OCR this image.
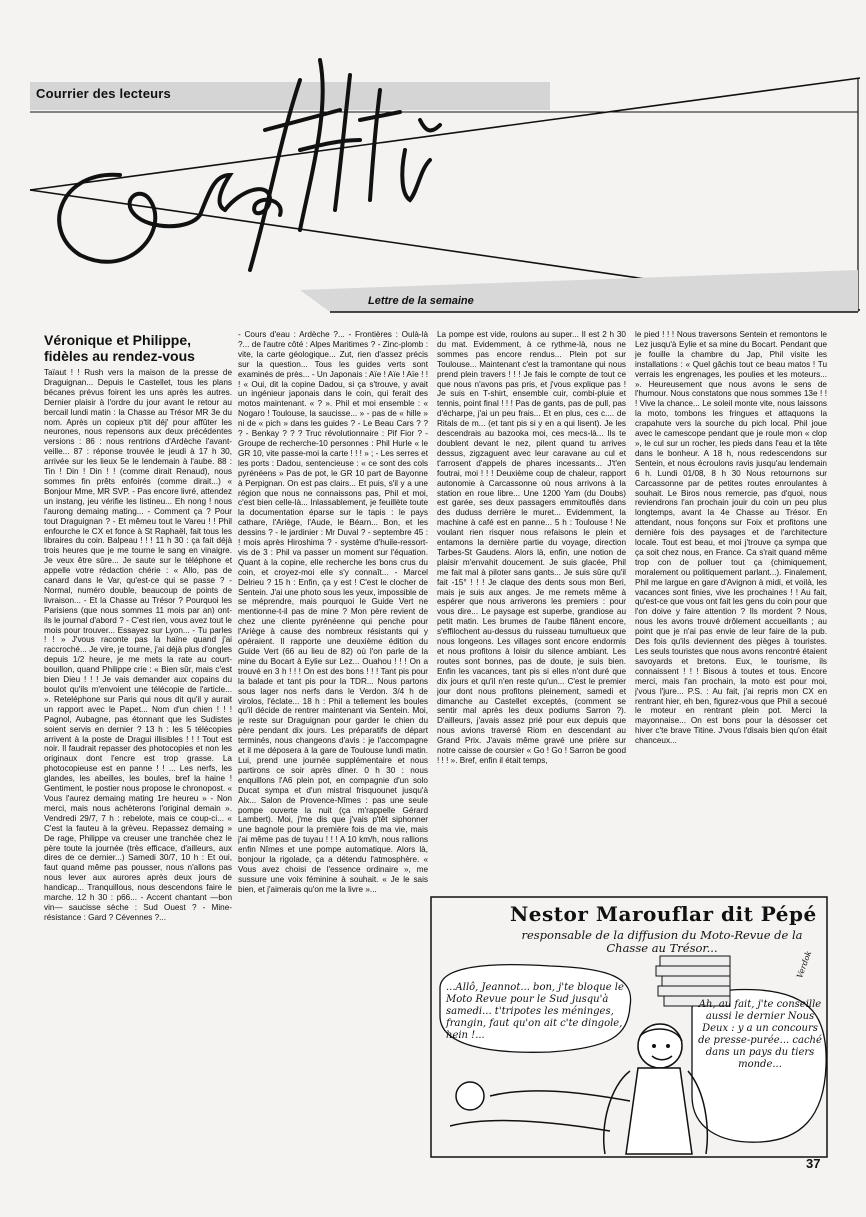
Courrier des lecteurs
Lettre de la semaine
Véronique et Philippe, fidèles au rendez-vous

Taïaut ! ! Rush vers la maison de la presse de Draguignan... Depuis le Castellet, tous les plans bécanes prévus foirent les uns après les autres. Dernier plaisir à l'ordre du jour avant le retour au bercail lundi matin : la Chasse au Trésor MR 3e du nom. Après un copieux p'tit déj' pour affûter les neurones, nous repensons aux deux précédentes versions : 86 : nous rentrions d'Ardèche l'avant-veille... 87 : réponse trouvée le jeudi à 17 h 30, arrivée sur les lieux 5e le lendemain à l'aube. 88 : Tin ! Din ! Din ! ! (comme dirait Renaud), nous sommes fin prêts enfoirés (comme dirait...) « Bonjour Mme, MR SVP. - Pas encore livré, attendez un instang, jeu vérifie les listineu... Eh nong ! nous l'aurong demaing mating... - Comment ça ? Pour tout Draguignan ? - Et mêmeu tout le Vareu ! ! Phil enfourche le CX et fonce à St Raphaël, fait tous les libraires du coin. Balpeau ! ! ! 11 h 30 : ça fait déjà trois heures que je me tourne le sang en vinaigre. Je veux être sûre... Je saute sur le téléphone et appelle votre rédaction chérie : « Allo, pas de canard dans le Var, qu'est-ce qui se passe ? - Normal, numéro double, beaucoup de points de livraison... - Et la Chasse au Trésor ? Pourquoi les Parisiens (que nous sommes 11 mois par an) ont-ils le journal d'abord ? - C'est rien, vous avez tout le mois pour trouver... Essayez sur Lyon... - Tu parles ! ! » J'vous raconte pas la haïne quand j'ai raccroché... Je vire, je tourne, j'ai déjà plus d'ongles depuis 1/2 heure, je me mets la rate au court-bouillon, quand Philippe crie : « Bien sûr, mais c'est bien Dieu ! ! ! Je vais demander aux copains du boulot qu'ils m'envoient une télécopie de l'article... ». Reteléphone sur Paris qui nous dit qu'il y aurait un rapport avec le Papet... Nom d'un chien ! ! ! Pagnol, Aubagne, pas étonnant que les Sudistes soient servis en dernier ? 13 h : les 5 télécopies arrivent à la poste de Dragui illisibles ! ! ! Tout est noir. Il faudrait repasser des photocopies et non les originaux dont l'encre est trop grasse. La photocopieuse est en panne ! ! ... Les nerfs, les glandes, les abeilles, les boules, bref la haine ! Gentiment, le postier nous propose le chronopost. « Vous l'aurez demaing mating 1re heureu » - Non merci, mais nous achèterons l'original demain ». Vendredi 29/7, 7 h : rebelote, mais ce coup-ci... « C'est la fauteu à la grèveu. Repassez demaing » De rage, Philippe va creuser une tranchée chez le père toute la journée (très efficace, d'ailleurs, aux dires de ce dernier...) Samedi 30/7, 10 h : Et oui, faut quand même pas pousser, nous n'allons pas nous lever aux aurores après deux jours de handicap... Tranquillous, nous descendons faire le marche. 12 h 30 : p66... - Accent chantant —bon vin— saucisse sèche : Sud Ouest ? - Mine-résistance : Gard ? Cévennes ?...

- Cours d'eau : Ardèche ?... - Frontières : Oulà-là ?... de l'autre côté : Alpes Maritimes ? - Zinc-plomb : vite, la carte géologique... Zut, rien d'assez précis sur la question... Tous les guides verts sont examinés de près... - Un Japonais : Aïe ! Aïe ! Aïe ! ! ! « Oui, dit la copine Dadou, si ça s'trouve, y avait un ingénieur japonais dans le coin, qui ferait des motos maintenant. « ? ». Phil et moi ensemble : « Nogaro ! Toulouse, la saucisse... » - pas de « hille » ni de « pich » dans les guides ? - Le Beau Cars ? ? ? - Benkay ? ? ? Truc révolutionnaire : Pif Fior ? - Groupe de recherche-10 personnes : Phil Hurle « le GR 10, vite passe-moi la carte ! ! ! » ; - Les serres et les ports : Dadou, sentencieuse : « ce sont des cols pyrénéens » Pas de pot, le GR 10 part de Bayonne à Perpignan. On est pas clairs... Et puis, s'il y a une région que nous ne connaissons pas, Phil et moi, c'est bien celle-là... Inlassablement, je feuillète toute la documentation éparse sur le tapis : le pays cathare, l'Ariège, l'Aude, le Béarn... Bon, et les dessins ? - le jardinier : Mr Duval ? - septembre 45 : ! mois après Hiroshima ? - système d'huile-ressort-vis de 3 : Phil va passer un moment sur l'équation. Quant à la copine, elle recherche les bons crus du coin, et croyez-moi elle s'y connaît... - Marcel Delrieu ? 15 h : Enfin, ça y est ! C'est le clocher de Sentein. J'ai une photo sous les yeux, impossible de se méprendre, mais pourquoi le Guide Vert ne mentionne-t-il pas de mine ? Mon père revient de chez une cliente pyrénéenne qui penche pour l'Ariège à cause des nombreux résistants qui y opéraient. Il rapporte une deuxième édition du Guide Vert (66 au lieu de 82) où l'on parle de la mine du Bocart à Eylie sur Lez... Ouahou ! ! ! On a trouvé en 3 h ! ! ! On est des bons ! ! ! Tant pis pour la balade et tant pis pour la TDR... Nous partons sous lager nos nerfs dans le Verdon. 3/4 h de virolos, l'éclate... 18 h : Phil a tellement les boules qu'il décide de rentrer maintenant via Sentein. Moi, je reste sur Draguignan pour garder le chien du père pendant dix jours. Les préparatifs de départ terminés, nous changeons d'avis : je l'accompagne et il me déposera à la gare de Toulouse lundi matin. Lui, prend une journée supplémentaire et nous partirons ce soir après dîner. 0 h 30 : nous enquillons l'A6 plein pot, en compagnie d'un solo Ducat sympa et d'un mistral frisquounet jusqu'à Aix... Salon de Provence-Nîmes : pas une seule pompe ouverte la nuit (ça m'rappelle Gérard Lambert). Moi, j'me dis que j'vais p'têt siphonner une bagnole pour la première fois de ma vie, mais j'ai même pas de tuyau ! ! ! A 10 km/h, nous rallions enfin Nîmes et une pompe automatique. Alors là, bonjour la rigolade, ça a détendu l'atmosphère. « Vous avez choisi de l'essence ordinaire », me sussure une voix féminine à souhait. « Je le sais bien, et j'aimerais qu'on me la livre »...

La pompe est vide, roulons au super... Il est 2 h 30 du mat. Evidemment, à ce rythme-là, nous ne sommes pas encore rendus... Plein pot sur Toulouse... Maintenant c'est la tramontane qui nous prend plein travers ! ! ! Je fais le compte de tout ce que nous n'avons pas pris, et j'vous explique pas ! Je suis en T-shirt, ensemble cuir, combi-pluie et tennis, point final ! ! ! Pas de gants, pas de pull, pas d'écharpe, j'ai un peu frais... Et en plus, ces c.... de Ritals de m... (et tant pis si y en a qui lisent). Je les descendrais au bazooka moi, ces mecs-là... Ils te doublent devant le nez, pilent quand tu arrives dessus, zigzaguent avec leur caravane au cul et t'arrosent d'appels de phares incessants... J't'en foutrai, moi ! ! ! Deuxième coup de chaleur, rapport autonomie à Carcassonne où nous arrivons à la station en roue libre... Une 1200 Yam (du Doubs) est garée, ses deux passagers emmitouflés dans des duduss derrière le muret... Evidemment, la machine à café est en panne... 5 h : Toulouse ! Ne voulant rien risquer nous refaisons le plein et entamons la dernière partie du voyage, direction Tarbes-St Gaudens. Alors là, enfin, une notion de plaisir m'envahit doucement. Je suis glacée, Phil me fait mal à piloter sans gants... Je suis sûre qu'il fait -15° ! ! ! Je claque des dents sous mon Beri, mais je suis aux anges. Je me remets même à espérer que nous arriverons les premiers : pour vous dire... Le paysage est superbe, grandiose au petit matin. Les brumes de l'aube flânent encore, s'effilochent au-dessus du ruisseau tumultueux que nous longeons. Les villages sont encore endormis et nous profitons à loisir du silence ambiant. Les routes sont bonnes, pas de doute, je suis bien. Enfin les vacances, tant pis si elles n'ont duré que dix jours et qu'il n'en reste qu'un... C'est le premier jour dont nous profitons pleinement, samedi et dimanche au Castellet exceptés, (comment se sentir mal après les deux podiums Sarron ?). D'ailleurs, j'avais assez prié pour eux depuis que nous avions traversé Riom en descendant au Grand Prix. J'avais même gravé une prière sur notre caisse de coursier « Go ! Go ! Sarron be good ! ! ! ». Bref, enfin il était temps,

le pied ! ! ! Nous traversons Sentein et remontons le Lez jusqu'à Eylie et sa mine du Bocart. Pendant que je fouille la chambre du Jap, Phil visite les installations : « Quel gâchis tout ce beau matos ! Tu verrais les engrenages, les poulies et les moteurs... ». Heureusement que nous avons le sens de l'humour. Nous constatons que nous sommes 13e ! ! ! Vive la chance... Le soleil monte vite, nous laissons la moto, tombons les fringues et attaquons la crapahute vers la sourche du pich local. Phil joue avec le camescope pendant que je roule mon « clop », le cul sur un rocher, les pieds dans l'eau et la tête dans le bonheur. A 18 h, nous redescendons sur Sentein, et nous écroulons ravis jusqu'au lendemain 6 h. Lundi 01/08, 8 h 30 Nous retournons sur Carcassonne par de petites routes enroulantes à souhait. Le Biros nous remercie, pas d'quoi, nous reviendrons l'an prochain jouir du coin un peu plus longtemps, avant la 4e Chasse au Trésor. En attendant, nous fonçons sur Foix et profitons une dernière fois des paysages et de l'architecture locale. Tout est beau, et moi j'trouve ça sympa que ça soit chez nous, en France. Ca s'rait quand même trop con de polluer tout ça (chimiquement, moralement ou politiquement parlant...). Finalement, Phil me largue en gare d'Avignon à midi, et voilà, les vacances sont finies, vive les prochaines ! ! Au fait, qu'est-ce que vous ont fait les gens du coin pour que l'on doive y faire attention ? Ils mordent ? Nous, nous les avons trouvé drôlement accueillants ; au point que je n'ai pas envie de leur faire de la pub. Des fois qu'ils deviennent des pièges à touristes. Les seuls touristes que nous avons rencontré étaient savoyards et bretons. Eux, le tourisme, ils connaissent ! ! ! Bisous à toutes et tous. Encore merci, mais l'an prochain, la moto est pour moi, j'vous l'jure... P.S. : Au fait, j'ai repris mon CX en rentrant hier, eh ben, figurez-vous que Phil a secoué le moteur en rentrant plein pot. Merci la mayonnaise... On est bons pour la désosser cet hiver c'te brave Titine. J'vous l'disais bien qu'on était chanceux...

Nestor Marouflar dit Pépé
responsable de la diffusion du Moto-Revue de la Chasse au Trésor...
...Allô, Jeannot... bon, j'te bloque le Moto Revue pour le Sud jusqu'à samedi... t'tripotes les méninges, frangin, faut qu'on ait c'te dingole, hein !...
Ah, au fait, j'te conseille aussi le dernier Nous Deux : y a un concours de presse-purée... caché dans un pays du tiers monde...
Verdok
37
